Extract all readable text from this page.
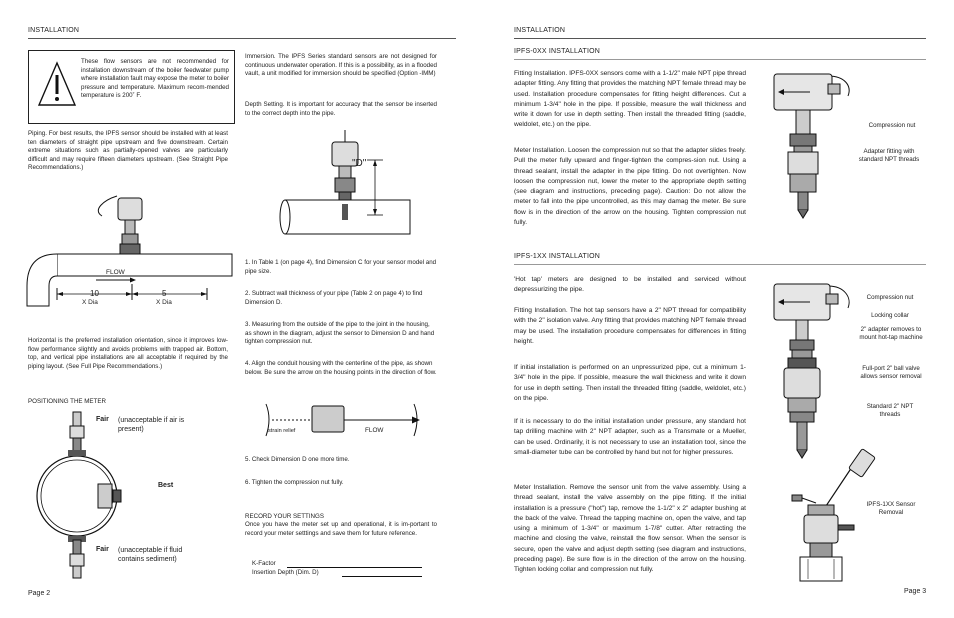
INSTALLATION
These flow sensors are not recommended for installation downstream of the boiler feedwater pump where installation fault may expose the meter to boiler pressure and temperature. Maximum recom-mended temperature is 200˚ F.
Piping. For best results, the IPFS sensor should be installed with at least ten diameters of straight pipe upstream and five downstream. Certain extreme situations such as partially-opened valves are particularly difficult and may require fifteen diameters upstream. (See Straight Pipe Recommendations.)
FLOW
10	5
X Dia	X Dia
Horizontal is the preferred installation orientation, since it improves low-flow performance slightly and avoids problems with trapped air. Bottom, top, and vertical pipe installations are all acceptable if required by the piping layout. (See Full Pipe Recommendations.)
POSITIONING THE METER
Fair (unacceptable if air is present)
Best
Fair (unacceptable if fluid contains sediment)
Page 2
Immersion. The IPFS Series standard sensors are not designed for continuous underwater operation. If this is a possibility, as in a flooded vault, a unit modified for immersion should be specified (Option -IMM)
Depth Setting. It is important for accuracy that the sensor be inserted to the correct depth into the pipe.
"D"
1. In Table 1 (on page 4), find Dimension C for your sensor model and pipe size.
2. Subtract wall thickness of your pipe (Table 2 on page 4) to find Dimension D.
3. Measuring from the outside of the pipe to the joint in the housing, as shown in the diagram, adjust the sensor to Dimension D and hand tighten compression nut.
4. Align the conduit housing with the centerline of the pipe, as shown below. Be sure the arrow on the housing points in the direction of flow.
strain relief	FLOW
5. Check Dimension D one more time.
6. Tighten the compression nut fully.
RECORD YOUR SETTINGS
Once you have the meter set up and operational, it is im-portant to record your meter setttings and save them for future reference.
K-Factor
Insertion Depth (Dim. D)
INSTALLATION
IPFS-0XX INSTALLATION
Fitting Installation. IPFS-0XX sensors come with a 1-1/2" male NPT pipe thread adapter fitting. Any fitting that provides the matching NPT female thread may be used. Installation procedure compensates for fitting height differences. Cut a minimum 1-3/4" hole in the pipe. If possible, measure the wall thickness and write it down for use in depth setting. Then install the threaded fitting (saddle, weldolet, etc.) on the pipe.
Meter Installation. Loosen the compression nut so that the adapter slides freely. Pull the meter fully upward and finger-tighten the compres-sion nut. Using a thread sealant, install the adapter in the pipe fitting. Do not overtighten. Now loosen the compression nut, lower the meter to the appropriate depth setting (see diagram and instructions, preceding page). Caution: Do not allow the meter to fall into the pipe uncontrolled, as this may damag the meter. Be sure flow is in the direction of the arrow on the housing. Tighten compression nut fully.
Compression nut
Adapter fitting with standard NPT threads
IPFS-1XX INSTALLATION
'Hot tap' meters are designed to be installed and serviced without depressurizing the pipe.
Fitting Installation. The hot tap sensors have a 2" NPT thread for compatibility with the 2" isolation valve. Any fitting that provides matching NPT female thread may be used. The installation procedure compensates for differences in fitting height.
If initial installation is performed on an unpressurized pipe, cut a minimum 1-3/4" hole in the pipe. If possible, measure the wall thickness and write it down for use in depth setting. Then install the threaded fitting (saddle, weldolet, etc.) on the pipe.
If it is necessary to do the initial installation under pressure, any standard hot tap drilling machine with 2" NPT adapter, such as a Transmate or a Mueller, can be used. Ordinarily, it is not necessary to use an installation tool, since the small-diameter tube can be controlled by hand but not for higher pressures.
Meter Installation. Remove the sensor unit from the valve assembly. Using a thread sealant, install the valve assembly on the pipe fitting. If the initial installation is a pressure ("hot") tap, remove the 1-1/2" x 2" adapter bushing at the back of the valve. Thread the tapping machine on, open the valve, and tap using a minimum of 1-3/4" or maximum 1-7/8" cutter. After retracting the machine and closing the valve, reinstall the flow sensor. When the sensor is secure, open the valve and adjust depth setting (see diagram and instructions, preceding page). Be sure flow is in the direction of the arrow on the housing. Tighten locking collar and compression nut fully.
Compression nut
Locking collar
2" adapter removes to mount hot-tap machine
Full-port 2" ball valve allows sensor removal
Standard 2" NPT threads
IPFS-1XX Sensor Removal
Page 3
